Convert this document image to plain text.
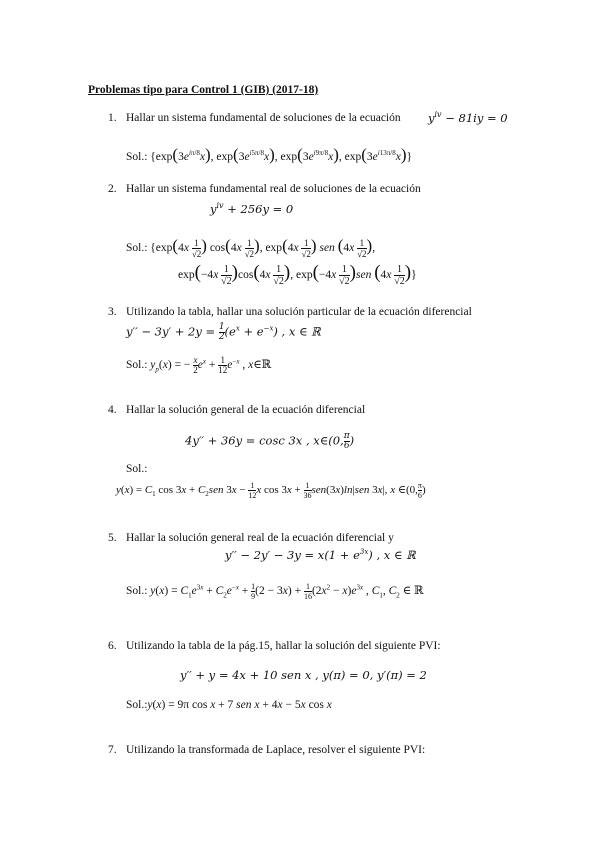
Problemas tipo para Control 1 (GIB) (2017-18)
1. Hallar un sistema fundamental de soluciones de la ecuación $y^{iv} - 81iy = 0$
Sol.: {$\exp(3e^{i\pi/8}x)$, $\exp(3e^{i5\pi/8}x)$, $\exp(3e^{i9\pi/8}x)$, $\exp(3e^{i13\pi/8}x)$}
2. Hallar un sistema fundamental real de soluciones de la ecuación
$y^{iv} + 256y = 0$
Sol.: {$\exp(4x \frac{1}{√2}$ ) $\cos(4x \frac{1}{√2}$ ), $\exp(4x \frac{1}{√2}$ ) sen ($4x \frac{1}{√2}$ ),
$\exp(-4x \frac{1}{√2} )\cos(4x \frac{1}{√2}$ ), $\exp(-4x \frac{1}{√2} )sen$ ($4x \frac{1}{√2}$ )}
3. Utilizando la tabla, hallar una solución particular de la ecuación diferencial
$y'' - 3y' + 2y = \frac{1}{2} (e^x + e^{-x})$ , x ∈ ℝ
Sol.: $y_p(x)$ = − $\frac{x}{2} e^x + \frac{1}{12} e^{-x}$ , x∈ℝ
4. Hallar la solución general de la ecuación diferencial
4y′′ + 36y = cosc 3x , x∈(0, $\frac{\pi}{6}$ )
Sol.:
$y(x) = C_1$ $\cos 3x + C_2sen$ $3x - \frac{1}{12}$ x $\cos 3x + \frac{1}{36} sen(3x)\ln|sen$ 3x|, x ∈(0, $\frac{\pi}{6}$ )
5. Hallar la solución general real de la ecuación diferencial y
$y'' - 2y' - 3y = x(1 + e^{3x})$ , x ∈ ℝ
Sol.: $y(x) = C_1e^{3x} + C_2e^{-x} + \frac{1}{9} (2 - 3x) + \frac{1}{16} (2x^2 - x)e^{3x}$ , $C_1$, $C_2$ ∈ ℝ
6. Utilizando la tabla de la pág.15, hallar la solución del siguiente PVI:
y′′ + y = 4x + 10 sen x , y(π) = 0, y′(π) = 2
Sol.:y(x) = 9π cos x + 7 sen x + 4x − 5x cos x
7. Utilizando la transformada de Laplace, resolver el siguiente PVI:
